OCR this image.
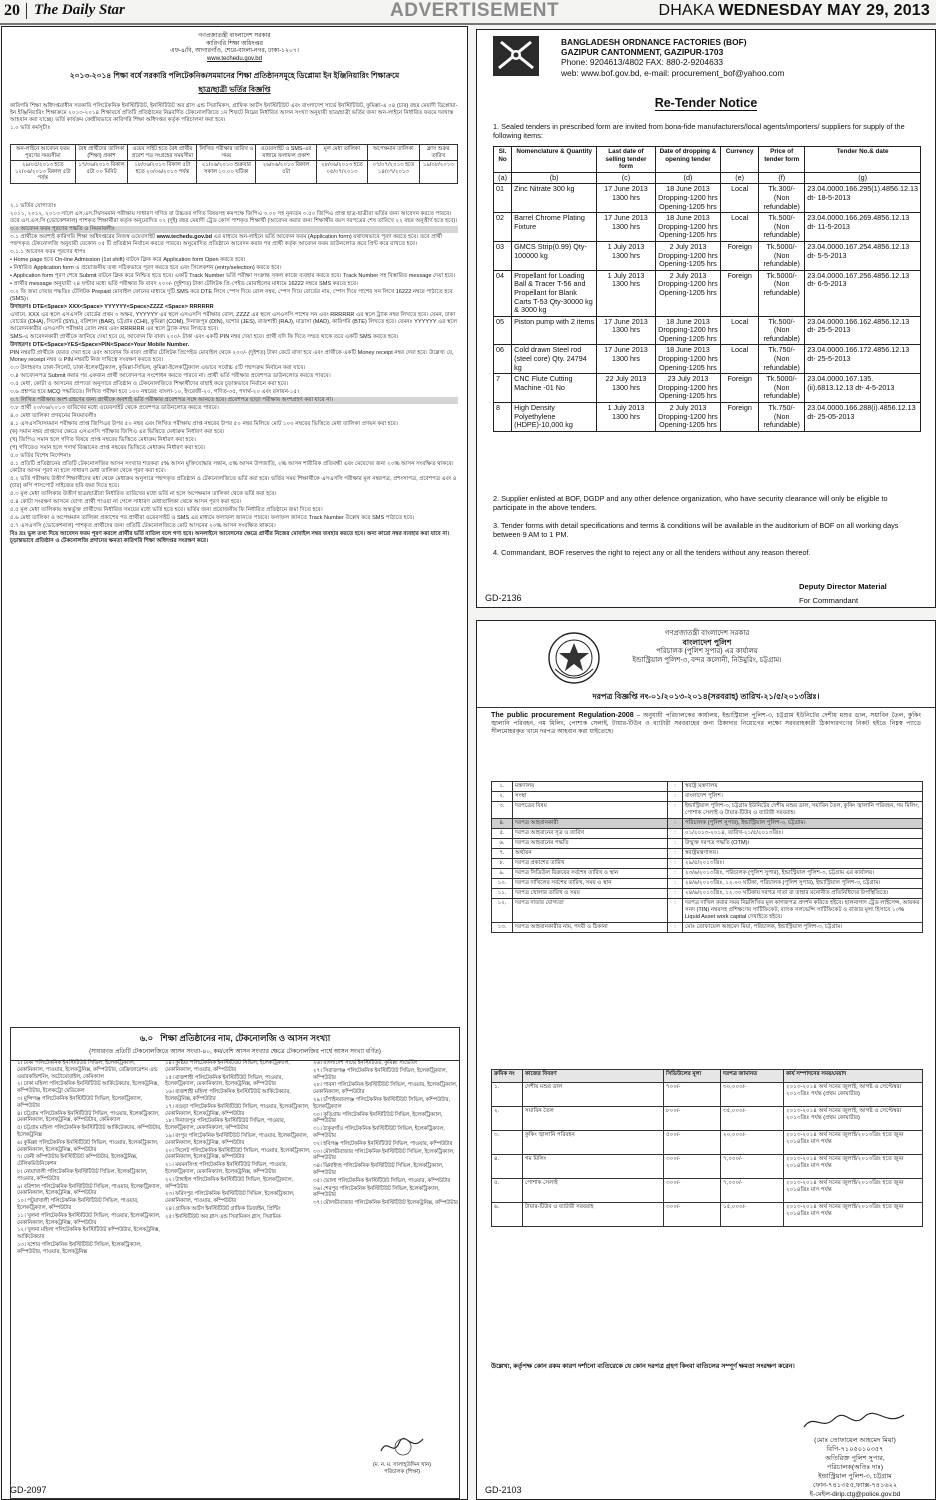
20 The Daily Star	ADVERTISEMENT	DHAKA WEDNESDAY MAY 29, 2013
গণপ্রজাতন্ত্রী বাংলাদেশ সরকার
কারিগরি শিক্ষা অধিদপ্তর
এফ-৪/বি, আগারগাঁও, শেরে-বাংলা-নগর, ঢাকা-১২০৭।
www.techedu.gov.bd
২০১৩-২০১৪ শিক্ষা বর্ষে সরকারি পলিটেকনিক/সমমানের শিক্ষা প্রতিষ্ঠানসমূহে ডিপ্লোমা ইন ইঞ্জিনিয়ারিং শিক্ষাক্রমে
ছাত্র/ছাত্রী ভর্তির বিজ্ঞপ্তি

কারিগরি শিক্ষা অধিদপ্তরাধীন সরকারি পলিটেকনিক ইনস্টিটিউট, ইনস্টিটিউট অব গ্লাস এন্ড সিরামিকস, গ্রাফিক আর্টস ইনস্টিটিউট এবং বাংলাদেশ সার্ভে ইনস্টিটিউট, কুমিল্লা-এ ০৪ (চার) বছর মেয়াদী ডিপ্লোমা-ইন ইঞ্জিনিয়ারিং শিক্ষাক্রমে ২০১৩-২০১৪ শিক্ষাবর্ষে প্রতিটি প্রতিষ্ঠানের নিম্নবর্ণিত টেকনোলজিতে ১ম শিফটে নিম্নের নির্ধারিত আসন সংখ্যা অনুযায়ী ছাত্র/ছাত্রী ভর্তির জন্য অন-লাইনে নির্ধারিত ফরমে দরখাস্ত আহবান করা যাচ্ছে। ভর্তি কার্যক্রম কেন্দ্রীয়ভাবে কারিগরি শিক্ষা অধিদপ্তর কর্তৃক পরিচালনা করা হবে।

১.০ ভর্তি কর্মসূচীঃ

অন-লাইনে আবেদন ফরম পূরণের সময়সীমা	বৈধ প্রার্থীদের তালিকা (শিক্ষা) প্রকাশ	ওয়েব সাইট হতে বৈধ প্রার্থীর প্রবেশ পত্র সংগ্রহের সময়সীমা	লিখিত পরীক্ষার তারিখ ও সময়	ওয়েবসাইট ও SMS-এর মাধ্যমে ফলাফল প্রকাশ	মূল মেধা তালিকা	অপেক্ষমান তালিকা	ক্লাস শুরুর তারিখ
২৯/০৫/২০১৩ হতে ১২/০৬/২০১৩ বিকাল ৫টা পর্যন্ত	১৭/০৬/২০১৩ বিকাল ৫টা ০০ মিনিট	১৮/০৬/২০১৩ বিকাল ৫টা হতে ২০/০৬/২০১৩ পর্যন্ত	২১/০৬/২০১৩ শুক্রবার সকাল ১০.০০ ঘটিকা	২৬/০৬/২০১৩ বিকাল ৫টা	২৮/০৬/২০১৩ হতে ০৫/০৭/২০১৩	০৭/০৭/২০১৩ হতে ১৪/০৭/২০১৩	১৯/০৮/২০১৩

২.১ ভর্তির যোগ্যতাঃ

২০১১, ২০১২, ২০১৩ সালে এস.এস.সি/সমমান পরীক্ষায় সাধারণ গণিত বা উচ্চতর গণিত বিষয়সহ কমপক্ষে জিপিএ ৩.০০ সহ নূন্যতম ৩.৫০ জিপিএ প্রাপ্ত ছাত্র-ছাত্রীরা ভর্তির জন্য আবেদন করতে পারবে। তবে এস.এস.সি (ভোকেশনাল) পাশকৃত শিক্ষার্থীরা কর্তৃক অনুমোদিত ০২ (দুই) বছর মেয়াদী ট্রেড কোর্স পাশকৃত শিক্ষার্থী (আবেদন করার জন্য শিক্ষার্থীর বয়স দরপত্রের শেষ তারিখে ২২ বছর অনুত্তীর্ণ হতে হবে)।

৩.০ আবেদন ফরম পূরণের পদ্ধতি ও নিয়মাবলীঃ

৩.১ প্রার্থীকে অবশ্যই কারিগরি শিক্ষা অধিদপ্তরের নিজস্ব ওয়েবসাইট www.techedu.gov.bd এর মাধ্যমে অন-লাইনে ভর্তি আবেদন ফরম (Application form) যথাযথভাবে পূরণ করতে হবে। তবে প্রার্থী পছন্দকৃত টেকনোলজি অনুযায়ী যেকোন ০৫ টি প্রতিষ্ঠান নির্বাচন করতে পারবে। অনুমোদিত প্রতিষ্ঠানে আবেদন করার পর প্রার্থী কর্তৃক আবেদন ফরম ডাউনলোড করে প্রিন্ট করে রাখতে হবে।

৩.১.১ আবেদন ফরম পূরণের ধাপঃ

• Home page হতে On-line Admission (1st shift) বাটনে ক্লিক করে Application form Open করতে হবে।

• নির্ধারিত Application form এ প্রয়োজনীয় তথ্য সঠিকভাবে পূরণ করতে হবে এবং সিলেকশন (entry/selection) করতে হবে।

• Application form পূরণ শেষে Submit বাটনে ক্লিক করে নিশ্চিত হতে হবে। একটি Track Number ভর্তি পরীক্ষা সংক্রান্ত সকল কাজে ব্যবহার করতে হবে। Track Number সহ বিস্তারিত message দেয়া হবে।

• প্রার্থীর message অনুযায়ী ২৪ ঘণ্টার মধ্যে ভর্তি পরীক্ষার ফি বাবদ ২০০/- (দুইশত) টাকা টেলিটক প্রি-পেইড মোবাইলের মাধ্যমে 16222 নম্বরে SMS করতে হবে।

৩.২ ফি জমা দেয়ার পদ্ধতিঃ টেলিটক Prepaid মোবাইল ফোনের মাধ্যমে দুটি SMS করে DTE লিখে স্পেস দিয়ে রোল নম্বর, স্পেস দিয়ে বোর্ডের নাম, স্পেস দিয়ে পাশের সন লিখে 16222 নম্বরে পাঠাতে হবে (SMS)।

উদাহরণঃ DTE<Space> XXX<Space> YYYYYY<Space>ZZZZ <Space> RRRRRR

এখানে, XXX এর স্থলে এসএসসি বোর্ডের প্রথম ৩ অক্ষর, YYYYYY এর স্থলে এসএসসি পরীক্ষার রোল, ZZZZ এর স্থলে এসএসসি পাশের সন এবং RRRRRR এর স্থলে ট্র্যাক নম্বর লিখতে হবে। যেমন, ঢাকা বোর্ডের (DHA), সিলেট (SYL), বরিশাল (BAR), চট্টগ্রাম (CHI), কুমিল্লা (COM), দিনাজপুর (DIN), যশোর (JES), রাজশাহী (RAJ), মাদ্রাসা (MAD), কারিগরি (BTE) লিখতে হবে। যেমনঃ YYYYYY এর স্থলে আবেদনকারীর এসএসসি পরীক্ষার রোল নম্বর এবং RRRRRR এর স্থলে ট্র্যাক নম্বর লিখতে হবে।

SMS-এ আবেদনকারী প্রার্থীকে জানিয়ে দেয়া হবে যে, আবেদন ফি বাবদ ২০০/- টাকা এবং একটি PIN নম্বর দেয়া হবে। প্রার্থী যদি ফি দিতে সম্মত থাকে তবে একটি SMS করতে হবে।

উদাহরণঃ DTE<Space>YES<Space>PIN<Space>Your Mobile Number.

PIN নম্বরটি প্রার্থীকে ফেরত দেয়া হবে এবং আবেদন ফি বাবদ প্রার্থীর টেলিটক প্রিপেইড মোবাইল থেকে ২০০/- (দুইশত) টাকা কেটে রাখা হবে এবং প্রার্থীকে একটি Money receipt নম্বর দেয়া হবে। উল্লেখ্য যে, Money receipt নম্বর ও PIN নম্বরটি নিজ দায়িত্বে সংরক্ষণ করতে হবে।

৩.৩ উদাহরণঃ ঢাকা-সিলেট, ঢাকা-ইলেকট্রিক্যাল, কুমিল্লা-সিভিল, কুমিল্লা-ইলেকট্রিক্যাল এভাবে সর্বোচ্চ ৫টি পছন্দক্রম নির্বাচন করা যাবে।

৩.৪ আবেদনপত্র Submit করার পর একজন প্রার্থী আবেদনপত্র সংশোধন করতে পারবে না। প্রার্থী ভর্তি পরীক্ষার প্রবেশপত্র ডাউনলোড করতে পারবে।

৩.৫ মেধা, কোটা ও আসনের প্রাপ্যতা অনুসারে প্রতিষ্ঠান ও টেকনোলজিতে শিক্ষার্থীদের বাছাই করে চূড়ান্তভাবে নির্বাচন করা হবে।

৩.৬ প্রশ্নপত্র হবে MCQ পদ্ধতিতে। লিখিত পরীক্ষা হবে ১০০ নম্বরের: বাংলা-১০, ইংরেজী-২০, গণিত-৩৫, পদার্থ-২০ এবং রসায়ন-১৫।

৩.৭ লিখিত পরীক্ষায় অংশ গ্রহণের জন্য প্রার্থীকে অবশ্যই ভর্তি পরীক্ষার প্রবেশপত্র সঙ্গে আনতে হবে। প্রবেশপত্র ছাড়া পরীক্ষায় অংশগ্রহণ করা যাবে না।

৩.৮ প্রার্থী ২০/০৬/২০১৩ তারিখের মধ্যে ওয়েবসাইট থেকে প্রবেশপত্র ডাউনলোড করতে পারবে।

৪.০ মেধা তালিকা প্রণয়নের নিয়মাবলীঃ

৪.১ এসএসসি/সমমান পরীক্ষায় প্রাপ্ত জিপিএর উপর ৫০ নম্বর এবং লিখিত পরীক্ষায় প্রাপ্ত নম্বরের উপর ৫০ নম্বর মিলিয়ে মোট ১০০ নম্বরের ভিত্তিতে মেধা তালিকা প্রণয়ন করা হবে।

(ক) সমান নম্বর প্রাপ্তদের ক্ষেত্রে এসএসসি পরীক্ষার জিপিএ এর ভিত্তিতে মেধাক্রম নির্ধারণ করা হবে।

(খ) জিপিএ সমান হলে গণিত বিষয়ে প্রাপ্ত নম্বরের ভিত্তিতে মেধাক্রম নির্ধারণ করা হবে।

(গ) গণিতেও সমান হলে পদার্থ বিজ্ঞানের প্রাপ্ত নম্বরের ভিত্তিতে মেধাক্রম নির্ধারণ করা হবে।

৫.০ ভর্তির বিশেষ নির্দেশনাঃ

৫.১ প্রতিটি প্রতিষ্ঠানের প্রতিটি টেকনোলজির আসন সংখ্যার শতকরা ৫% আসন মুক্তিযোদ্ধার সন্তান, ৫% আসন উপজাতি, ২% আসন শারীরিক প্রতিবন্ধী এবং মেয়েদের জন্য ২০% আসন সংরক্ষিত থাকবে। কোটার আসন পূরণ না হলে সাধারণ মেধা তালিকা থেকে পূরণ করা হবে।

৫.২ ভর্তি পরীক্ষায় উত্তীর্ণ শিক্ষার্থীদের মধ্য থেকে মেধাক্রম অনুসারে পছন্দকৃত প্রতিষ্ঠান ও টেকনোলজিতে ভর্তি করা হবে। ভর্তির সময় শিক্ষার্থীকে এসএসসি পরীক্ষার মূল নম্বরপত্র, প্রশংসাপত্র, প্রবেশপত্র এবং ৪ (চার) কপি পাসপোর্ট সাইজের ছবি জমা দিতে হবে।

৫.৩ মূল মেধা তালিকায় উত্তীর্ণ ছাত্র/ছাত্রীরা নির্ধারিত তারিখের মধ্যে ভর্তি না হলে অপেক্ষমান তালিকা থেকে ভর্তি করা হবে।

৫.৪ কোটা সংরক্ষণ আসনে যোগ্য প্রার্থী পাওয়া না গেলে সাধারণ মেধাতালিকা থেকে আসন পূরণ করা হবে।

৫.৫ মূল মেধা তালিকায় অন্তর্ভুক্ত প্রার্থীদের নির্ধারিত সময়ের মধ্যে ভর্তি হতে হবে। ভর্তির জন্য প্রয়োজনীয় ফি নির্ধারিত প্রতিষ্ঠানে জমা দিতে হবে।

৫.৬ মেধা তালিকা ও অপেক্ষমান তালিকা প্রকাশের পর প্রার্থীরা ওয়েবসাইট ও SMS এর মাধ্যমে ফলাফল জানতে পারবে। ফলাফল জানতে Track Number উল্লেখ করে SMS পাঠাতে হবে।

৫.৭ এসএসসি (ভোকেশনাল) পাশকৃত প্রার্থীদের জন্য প্রতিটি টেকনোলজিতে মোট আসনের ২০% আসন সংরক্ষিত থাকবে।

বিঃ দ্রঃ ভুল তথ্য দিয়ে আবেদন ফরম পূরণ করলে প্রার্থীর ভর্তি বাতিল বলে গণ্য হবে। অনলাইনে আবেদনের ক্ষেত্রে প্রার্থীর নিজের মোবাইল নম্বর ব্যবহার করতে হবে। অন্য কারো নম্বর ব্যবহার করা যাবে না। চূড়ান্তভাবে প্রতিষ্ঠান ও টেকনোলজি প্রদানের ক্ষমতা কারিগরি শিক্ষা অধিদপ্তর সংরক্ষণ করে।

৬.০   শিক্ষা প্রতিষ্ঠানের নাম, টেকনোলজি ও আসন সংখ্যা
(সাধারণত প্রতিটি টেকনোলজিতে আসন সংখ্যা-৪০, কম/বেশি আসন সংখ্যার ক্ষেত্রে টেকনোলজির পার্শ্বে আসন সংখ্যা বর্ণিত)
১। ঢাকা পলিটেকনিক ইনস্টিটিউট সিভিল, ইলেকট্রিক্যাল, মেকানিক্যাল, পাওয়ার, ইলেকট্রনিক্স, কম্পিউটার, রেফ্রিজারেশন এন্ড এয়ারকন্ডিশনিং, অটোমোবাইল, কেমিক্যাল
২। ঢাকা মহিলা পলিটেকনিক ইনস্টিটিউট আর্কিটেকচার, ইলেকট্রনিক্স, কম্পিউটার, ইলেকট্রো মেডিকেল
৩। মুন্সিগঞ্জ পলিটেকনিক ইনস্টিটিউট সিভিল, ইলেকট্রিক্যাল, কম্পিউটার
৪। চট্টগ্রাম পলিটেকনিক ইনস্টিটিউট সিভিল, পাওয়ার, ইলেকট্রিক্যাল, মেকানিক্যাল, ইলেকট্রনিক্স, কম্পিউটার, কেমিক্যাল
৫। চট্টগ্রাম মহিলা পলিটেকনিক ইনস্টিটিউট আর্কিটেকচার, কম্পিউটার, ইলেকট্রনিক্স
৬। কুমিল্লা পলিটেকনিক ইনস্টিটিউট সিভিল, পাওয়ার, ইলেকট্রিক্যাল, মেকানিক্যাল, ইলেকট্রনিক্স, কম্পিউটার
৭। ফেনী কম্পিউটার ইনস্টিটিউট কম্পিউটার, ইলেকট্রনিক্স, টেলিকমিউনিকেশন
৮। নোয়াখালী পলিটেকনিক ইনস্টিটিউট সিভিল, ইলেকট্রিক্যাল, পাওয়ার, কম্পিউটার
৯। বরিশাল পলিটেকনিক ইনস্টিটিউট সিভিল, পাওয়ার, ইলেকট্রিক্যাল, মেকানিক্যাল, ইলেকট্রনিক্স, কম্পিউটার
১০। পটুয়াখালী পলিটেকনিক ইনস্টিটিউট সিভিল, পাওয়ার, ইলেকট্রিক্যাল, কম্পিউটার
১১। খুলনা পলিটেকনিক ইনস্টিটিউট সিভিল, পাওয়ার, ইলেকট্রিক্যাল, মেকানিক্যাল, ইলেকট্রনিক্স, কম্পিউটার
১২। খুলনা মহিলা পলিটেকনিক ইনস্টিটিউট কম্পিউটার, ইলেকট্রনিক্স, আর্কিটেকচার
১৩। যশোর পলিটেকনিক ইনস্টিটিউট সিভিল, ইলেকট্রিক্যাল, কম্পিউটার, পাওয়ার, ইলেকট্রনিক্স
১৪। কুষ্টিয়া পলিটেকনিক ইনস্টিটিউট সিভিল, ইলেকট্রিক্যাল, মেকানিক্যাল, পাওয়ার, কম্পিউটার
১৫। রাজশাহী পলিটেকনিক ইনস্টিটিউট সিভিল, পাওয়ার, ইলেকট্রিক্যাল, মেকানিক্যাল, ইলেকট্রনিক্স, কম্পিউটার
১৬। রাজশাহী মহিলা পলিটেকনিক ইনস্টিটিউট আর্কিটেকচার, ইলেকট্রনিক্স, কম্পিউটার
১৭। বগুড়া পলিটেকনিক ইনস্টিটিউট সিভিল, পাওয়ার, ইলেকট্রিক্যাল, মেকানিক্যাল, ইলেকট্রনিক্স, কম্পিউটার
১৮। দিনাজপুর পলিটেকনিক ইনস্টিটিউট সিভিল, পাওয়ার, ইলেকট্রিক্যাল, মেকানিক্যাল, কম্পিউটার
১৯। রংপুর পলিটেকনিক ইনস্টিটিউট সিভিল, পাওয়ার, ইলেকট্রিক্যাল, মেকানিক্যাল, ইলেকট্রনিক্স, কম্পিউটার
২০। সিলেট পলিটেকনিক ইনস্টিটিউট সিভিল, পাওয়ার, ইলেকট্রিক্যাল, মেকানিক্যাল, ইলেকট্রনিক্স, কম্পিউটার
২১। ময়মনসিংহ পলিটেকনিক ইনস্টিটিউট সিভিল, পাওয়ার, ইলেকট্রিক্যাল, মেকানিক্যাল, ইলেকট্রনিক্স, কম্পিউটার
২২। টাঙ্গাইল পলিটেকনিক ইনস্টিটিউট সিভিল, ইলেকট্রিক্যাল, কম্পিউটার
২৩। ফরিদপুর পলিটেকনিক ইনস্টিটিউট সিভিল, ইলেকট্রিক্যাল, মেকানিক্যাল, পাওয়ার, কম্পিউটার
২৪। গ্রাফিক আর্টস ইনস্টিটিউট গ্রাফিক ডিজাইন, প্রিন্টিং
২৫। ইনস্টিটিউট অব গ্লাস এন্ড সিরামিকস গ্লাস, সিরামিক
২৬। বাংলাদেশ সার্ভে ইনস্টিটিউট, কুমিল্লা সার্ভেয়িং
২৭। সিরাজগঞ্জ পলিটেকনিক ইনস্টিটিউট সিভিল, ইলেকট্রিক্যাল, কম্পিউটার
২৮। পাবনা পলিটেকনিক ইনস্টিটিউট সিভিল, পাওয়ার, ইলেকট্রিক্যাল, মেকানিক্যাল, কম্পিউটার
২৯। চাঁপাইনবাবগঞ্জ পলিটেকনিক ইনস্টিটিউট সিভিল, কম্পিউটার, ইলেকট্রিক্যাল
৩০। কুড়িগ্রাম পলিটেকনিক ইনস্টিটিউট সিভিল, ইলেকট্রিক্যাল, কম্পিউটার
৩১। ঠাকুরগাঁও পলিটেকনিক ইনস্টিটিউট সিভিল, ইলেকট্রিক্যাল, কম্পিউটার
৩২। হবিগঞ্জ পলিটেকনিক ইনস্টিটিউট সিভিল, পাওয়ার, কম্পিউটার
৩৩। মৌলভীবাজার পলিটেকনিক ইনস্টিটিউট সিভিল, ইলেকট্রিক্যাল, কম্পিউটার
৩৪। ঝিনাইদহ পলিটেকনিক ইনস্টিটিউট সিভিল, ইলেকট্রিক্যাল, কম্পিউটার
৩৫। ভোলা পলিটেকনিক ইনস্টিটিউট সিভিল, পাওয়ার, কম্পিউটার
৩৬। শেরপুর পলিটেকনিক ইনস্টিটিউট সিভিল, ইলেকট্রিক্যাল, কম্পিউটার
৩৭। মৌলভীবাজার পলিটেকনিক ইনস্টিটিউট ইলেকট্রনিক্স, কম্পিউটার
(ম. ন. ম. সালাহ্‌উদ্দিন খান)
পরিচালক (শিক্ষা)
GD-2097
BANGLADESH ORDNANCE FACTORIES (BOF)
GAZIPUR CANTONMENT, GAZIPUR-1703
Phone: 9204613/4802 FAX: 880-2-9204633
web: www.bof.gov.bd, e-mail: procurement_bof@yahoo.com
Re-Tender Notice
1. Sealed tenders in prescribed form are invited from bona-fide manufacturers/local agents/importers/ suppliers for supply of the following items:
Sl. No	Nomenclature & Quantity	Last date of selling tender form	Date of dropping & opening tender	Currency	Price of tender form	Tender No.& date
(a)	(b)	(c)	(d)	(e)	(f)	(g)
01	Zinc Nitrate 300 kg	17 June 2013 1300 hrs	18 June 2013 Dropping-1200 hrs Opening-1205 hrs	Local	Tk.300/- (Non refundable)	23.04.0000.166.295(1).4856.12.13 dt- 18-5-2013
02	Barrel Chrome Plating Fixture	17 June 2013 1300 hrs	18 June 2013 Dropping-1200 hrs Opening-1205 hrs	Local	Tk.500/- (Non refundable)	23.04.0000.166.269.4856.12.13 dt- 11-5-2013
03	GMCS Strip(0.99) Qty- 100000 kg	1 July 2013 1300 hrs	2 July 2013 Dropping-1200 hrs Opening-1205 hrs	Foreign	Tk.5000/- (Non refundable)	23.04.0000.167.254.4856.12.13 dt- 5-5-2013
04	Propellant for Loading Ball & Tracer T-56 and Propellant for Blank Carts T-53 Qty-30000 kg & 3000 kg	1 July 2013 1300 hrs	2 July 2013 Dropping-1200 hrs Opening-1205 hrs	Foreign	Tk.5000/- (Non refundable)	23.04.0000.167.256.4856.12.13 dt- 6-5-2013
05	Piston pump with 2 items	17 June 2013 1300 hrs	18 June 2013 Dropping-1200 hrs Opening-1205 hrs	Local	Tk.500/- (Non refundable)	23.04.0000.166.162.4856.12.13 dt- 25-5-2013
06	Cold drawn Steel rod (steel core) Qty. 24794 kg	17 June 2013 1300 hrs	18 June 2013 Dropping-1200 hrs Opening-1205 hrs	Local	Tk.750/- (Non refundable)	23.04.0000.166.172.4856.12.13 dt- 25-5-2013
7	CNC Flute Cutting Machine -01 No	22 July 2013 1300 hrs	23 July 2013 Dropping-1200 hrs Opening-1205 hrs	Foreign	Tk.5000/- (Non refundable)	23.04.0000.167.135.(ii).6813.12.13 dt- 4-5-2013
8	High Density Polyethylene (HDPE)-10,000 kg	1 July 2013 1300 hrs	2 July 2013 Dropping-1200 hrs Opening-1205 hrs	Foreign	Tk.750/- (Non refundable)	23.04.0000.166.288(i).4856.12.13 dt- 25-05-2013

2. Supplier enlisted at BOF, DGDP and any other defence organization, who have security clearance will only be eligible to participate in the above tenders.

3. Tender forms with detail specifications and terms & conditions will be available in the auditorium of BOF on all working days between 9 AM to 1 PM.

4. Commandant, BOF reserves the right to reject any or all the tenders without any reason thereof.

Deputy Director Material
For Commandant
GD-2136
গণপ্রজাতন্ত্রী বাংলাদেশ সরকার
বাংলাদেশ পুলিশ
পরিচালক (পুলিশ সুপার) এর কার্যালয়
ইন্ডাস্ট্রিয়াল পুলিশ-৩, বন্দর কলোনী, নিউমুরিং, চট্টগ্রাম।
দরপত্র বিজ্ঞপ্তি নং-০১/২০১৩-২০১৪(সরবরাহ) তারিখ-২১/৫/২০১৩খ্রিঃ।
The public procurement Regulation-2008 – অনুযায়ী পরিচালকের কার্যালয়, ইন্ডাস্ট্রিয়াল পুলিশ-৩, চট্টগ্রাম ইউনিটের দেশীয় মশুর ডাল, সয়াবিন তৈল, কুকিং জ্বালানি পরিবহন, গম মিলিং, পোশাক সেলাই, টায়ার-টিউব ও ব্যাটারী সরবরাহের জন্য ঠিকাদার নিয়োগের লক্ষ্যে সরবরাহকারী ঠিকাদারগণের নিকট হইতে নিম্নস্ব প্যাডে সীলমোহরকৃত খামে দরপত্র আহবান করা যাইতেছে।
১.	মন্ত্রণালয়	:	স্বরাষ্ট্র মন্ত্রণালয়
২.	সংস্থা	:	বাংলাদেশ পুলিশ।
৩.	দরপত্রের বিষয়	:	ইন্ডাস্ট্রিয়াল পুলিশ-৩, চট্টগ্রাম ইউনিটের দেশীয় মশুর ডাল, সয়াবিন তৈল, কুকিং জ্বালানি পরিবহন, গম মিলিং, পোশাক সেলাই ও টায়ার-টিউব ও ব্যাটারী সরবরাহ।
৪.	দরপত্র আহবানকারী	:	পরিচালক (পুলিশ সুপার), ইন্ডাস্ট্রিয়াল পুলিশ-৩, চট্টগ্রাম।
৫.	দরপত্র আহবানের সূত্র ও তারিখ	:	০১/২০১৩-২০১৪, তারিখ-২১/৫/২০১৩খ্রিঃ।
৬.	দরপত্র আহবানের পদ্ধতি	:	উন্মুক্ত দরপত্র পদ্ধতি (OTM)।
৭.	অর্থায়ন	:	স্বরাষ্ট্রমন্ত্রণালয়।
৮.	দরপত্র প্রকাশের তারিখ	:	২৯/৫/২০১৩খ্রিঃ।
৯.	দরপত্র সিডিউল বিক্রয়ের সর্বশেষ তারিখ ও স্থান	:	২৩/৬/২০১৩খ্রিঃ, পরিচালক (পুলিশ সুপার), ইন্ডাস্ট্রিয়াল পুলিশ-৩, চট্টগ্রাম এর কার্যালয়।
১০.	দরপত্র দাখিলের সর্বশেষ তারিখ, সময় ও স্থান	:	২৪/৬/২০১৩খ্রিঃ, ১২.০০ ঘটিকা, পরিচালক (পুলিশ সুপার), ইন্ডাস্ট্রিয়াল পুলিশ-৩, চট্টগ্রাম।
১১.	দরপত্র খোলার তারিখ ও সময়	:	২৪/৬/২০১৩খ্রিঃ, ১২.৩০ ঘটিকায় দরপত্র দাতা বা তাহার মনোনীত প্রতিনিধিদের উপস্থিতিতে।
১২.	দরপত্র দাতার যোগ্যতা	:	দরপত্র দাখিল করার সময় নিম্নলিখিত মূল কাগজপত্র প্রদর্শন করিতে হইবে। হালনাগাদ ট্রেড লাইসেন্স, আয়কর সনদ (TIN) নম্বরসহ প্রশিক্ষণের সার্টিফিকেট, ব্যাংক সলভেন্সি সার্টিফিকেট ও বাজার মূল্য হিসাবে ১০% Liquid Asset work capital দেখাইতে হইবে।
১৩.	দরপত্র আহবানকারীর নাম, পদবী ও ঠিকানা	:	মোঃ তোফায়েল আহমেদ মিয়া, পরিচালক, ইন্ডাস্ট্রিয়াল পুলিশ-৩, চট্টগ্রাম।
ক্রমিক নং	কাজের বিবরণ	সিডিউলের মূল্য	দরপত্র জামানত	কার্য সম্পাদনের সময়/মেয়াদ
১.	দেশীয় মশুর ডাল	৭০০/-	৩০,০০০/-	২০১৩-২০১৪ অর্থ সনের জুলাই, আগষ্ট ও সেপ্টেম্বর/২০১৩খ্রিঃ পর্যন্ত (প্রথম কোয়ার্টার)
২.	সয়াবিন তৈল	৮০০/-	৩৫,০০০/-	২০১৩-২০১৪ অর্থ সনের জুলাই, আগষ্ট ও সেপ্টেম্বর/২০১৩খ্রিঃ পর্যন্ত (প্রথম কোয়ার্টার)
৩.	কুকিং জ্বালানি পরিবহন	৫০০/-	২০,০০০/-	২০১৩-২০১৪ অর্থ সনের জুলাই/২০১৩খ্রিঃ হতে জুন/২০১৪খ্রিঃ মাস পর্যন্ত
৪.	গম মিলিং	৩০০/-	৭,০০০/-	২০১৩-২০১৪ অর্থ সনের জুলাই/২০১৩খ্রিঃ হতে জুন/২০১৪খ্রিঃ মাস পর্যন্ত
৫.	পোশাক সেলাই	৩০০/-	৭,০০০/-	২০১৩-২০১৪ অর্থ সনের জুলাই/২০১৩খ্রিঃ হতে জুন/২০১৪খ্রিঃ মাস পর্যন্ত
৬.	টায়ার-টিউব ও ব্যাটারী সরবরাহ	৩০০/-	১৫,০০০/-	২০১৩-২০১৪ অর্থ সনের জুলাই/২০১৩খ্রিঃ হতে জুন/২০১৪খ্রিঃ মাস পর্যন্ত
উল্লেখ্য, কর্তৃপক্ষ কোন রকম কারণ দর্শানো ব্যতিরেকে যে কোন দরপত্র গ্রহণ কিংবা বাতিলের সম্পূর্ণ ক্ষমতা সংরক্ষণ করেন।
(মোঃ তোফায়েল আহমেদ মিয়া)
বিপি-৭১০৫০১০৩৫৭
অতিরিক্ত পুলিশ সুপার,
পরিচালক(অতিঃ দাঃ)
ইন্ডাস্ট্রিয়াল পুলিশ-৩, চট্টগ্রাম
ফোন-৭৪১৩৫৫,ফ্যাক্স-৭৪১৬২২
ই-মেইল-dirip.ctg@police.gov.bd
GD-2103
